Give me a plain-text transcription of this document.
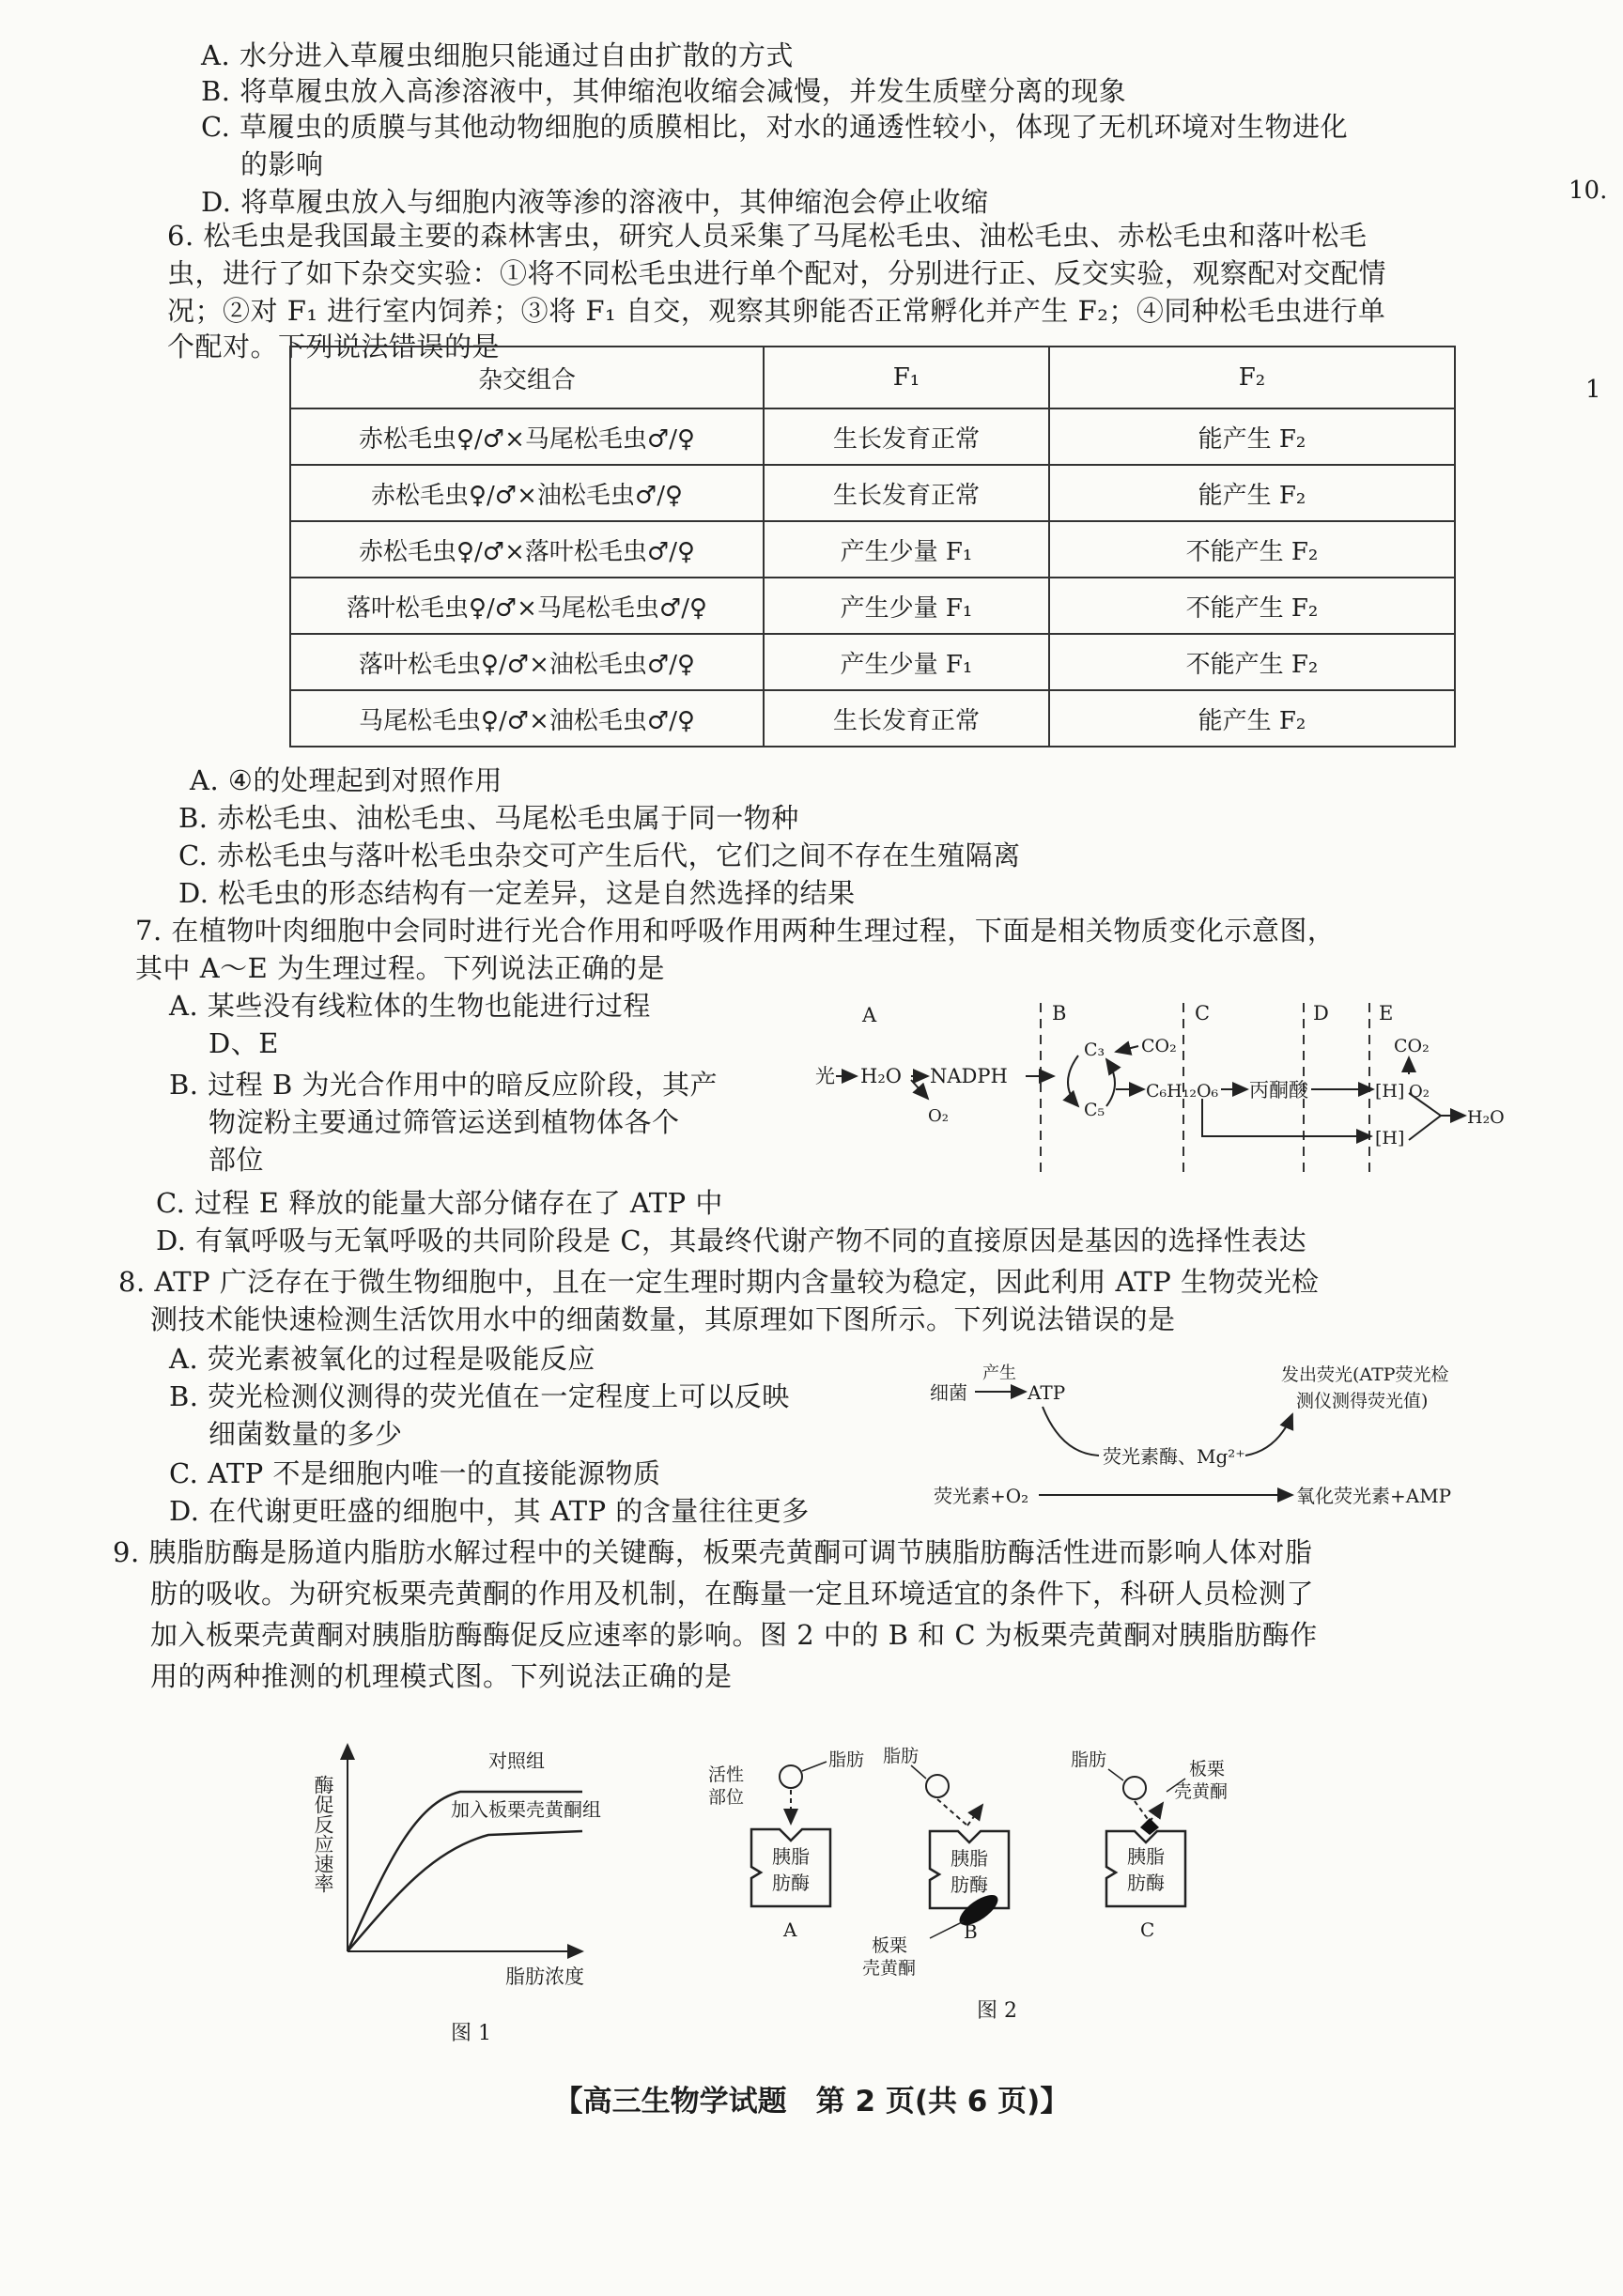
A. 水分进入草履虫细胞只能通过自由扩散的方式
B. 将草履虫放入高渗溶液中，其伸缩泡收缩会减慢，并发生质壁分离的现象
C. 草履虫的质膜与其他动物细胞的质膜相比，对水的通透性较小，体现了无机环境对生物进化
的影响
D. 将草履虫放入与细胞内液等渗的溶液中，其伸缩泡会停止收缩	10.
1
6. 松毛虫是我国最主要的森林害虫，研究人员采集了马尾松毛虫、油松毛虫、赤松毛虫和落叶松毛
虫，进行了如下杂交实验：①将不同松毛虫进行单个配对，分别进行正、反交实验，观察配对交配情
况；②对 F₁ 进行室内饲养；③将 F₁ 自交，观察其卵能否正常孵化并产生 F₂；④同种松毛虫进行单
个配对。下列说法错误的是
杂交组合	F₁	F₂
赤松毛虫♀/♂×马尾松毛虫♂/♀	生长发育正常	能产生 F₂
赤松毛虫♀/♂×油松毛虫♂/♀	生长发育正常	能产生 F₂
赤松毛虫♀/♂×落叶松毛虫♂/♀	产生少量 F₁	不能产生 F₂
落叶松毛虫♀/♂×马尾松毛虫♂/♀	产生少量 F₁	不能产生 F₂
落叶松毛虫♀/♂×油松毛虫♂/♀	产生少量 F₁	不能产生 F₂
马尾松毛虫♀/♂×油松毛虫♂/♀	生长发育正常	能产生 F₂
A. ④的处理起到对照作用
B. 赤松毛虫、油松毛虫、马尾松毛虫属于同一物种
C. 赤松毛虫与落叶松毛虫杂交可产生后代，它们之间不存在生殖隔离
D. 松毛虫的形态结构有一定差异，这是自然选择的结果
7. 在植物叶肉细胞中会同时进行光合作用和呼吸作用两种生理过程，下面是相关物质变化示意图，
其中 A～E 为生理过程。下列说法正确的是
A. 某些没有线粒体的生物也能进行过程
D、E
B. 过程 B 为光合作用中的暗反应阶段，其产
物淀粉主要通过筛管运送到植物体各个
部位
C. 过程 E 释放的能量大部分储存在了 ATP 中
D. 有氧呼吸与无氧呼吸的共同阶段是 C，其最终代谢产物不同的直接原因是基因的选择性表达
A	B	C	D	E
光 H₂O NADPH
O₂
C₃
C₅
CO₂
C₆H₁₂O₆ 丙酮酸	[H] O₂
CO₂
[H]
H₂O
8. ATP 广泛存在于微生物细胞中，且在一定生理时期内含量较为稳定，因此利用 ATP 生物荧光检
测技术能快速检测生活饮用水中的细菌数量，其原理如下图所示。下列说法错误的是
A. 荧光素被氧化的过程是吸能反应
B. 荧光检测仪测得的荧光值在一定程度上可以反映
细菌数量的多少
C. ATP 不是细胞内唯一的直接能源物质
D. 在代谢更旺盛的细胞中，其 ATP 的含量往往更多
细菌
产生
ATP
发出荧光(ATP荧光检
测仪测得荧光值)
荧光素酶、Mg²⁺
荧光素+O₂	氧化荧光素+AMP
9. 胰脂肪酶是肠道内脂肪水解过程中的关键酶，板栗壳黄酮可调节胰脂肪酶活性进而影响人体对脂
肪的吸收。为研究板栗壳黄酮的作用及机制，在酶量一定且环境适宜的条件下，科研人员检测了
加入板栗壳黄酮对胰脂肪酶酶促反应速率的影响。图 2 中的 B 和 C 为板栗壳黄酮对胰脂肪酶作
用的两种推测的机理模式图。下列说法正确的是
酶促反应速率
脂肪浓度
对照组
加入板栗壳黄酮组
图 1
活性
部位
脂肪
胰脂
肪酶
A
脂肪
胰脂
肪酶
板栗
壳黄酮
B
脂肪	板栗
壳黄酮
胰脂
肪酶
C
图 2
【高三生物学试题　第 2 页(共 6 页)】
